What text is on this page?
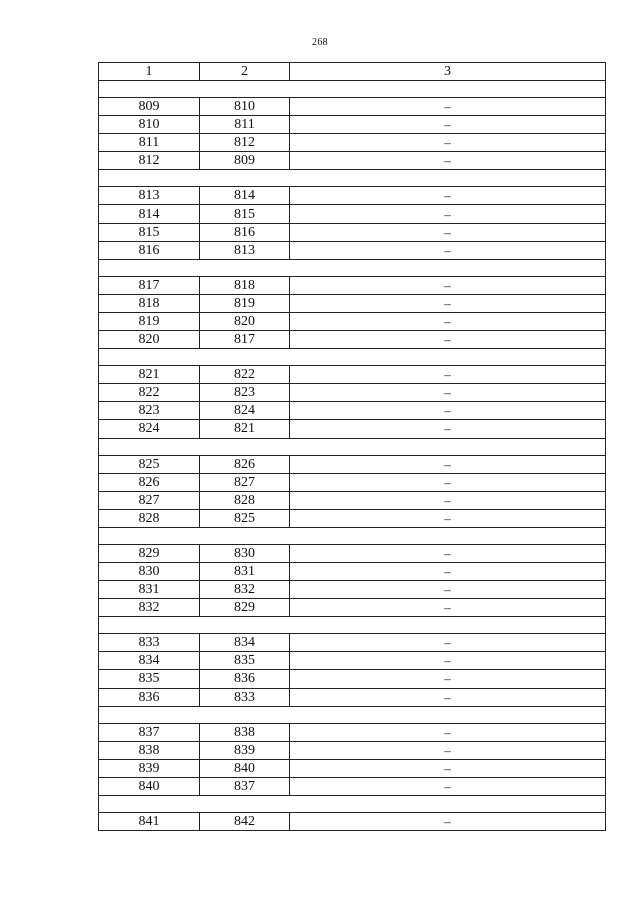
268
1	2	3

809	810	–
810	811	–
811	812	–
812	809	–

813	814	–
814	815	–
815	816	–
816	813	–

817	818	–
818	819	–
819	820	–
820	817	–

821	822	–
822	823	–
823	824	–
824	821	–

825	826	–
826	827	–
827	828	–
828	825	–

829	830	–
830	831	–
831	832	–
832	829	–

833	834	–
834	835	–
835	836	–
836	833	–

837	838	–
838	839	–
839	840	–
840	837	–

841	842	–
